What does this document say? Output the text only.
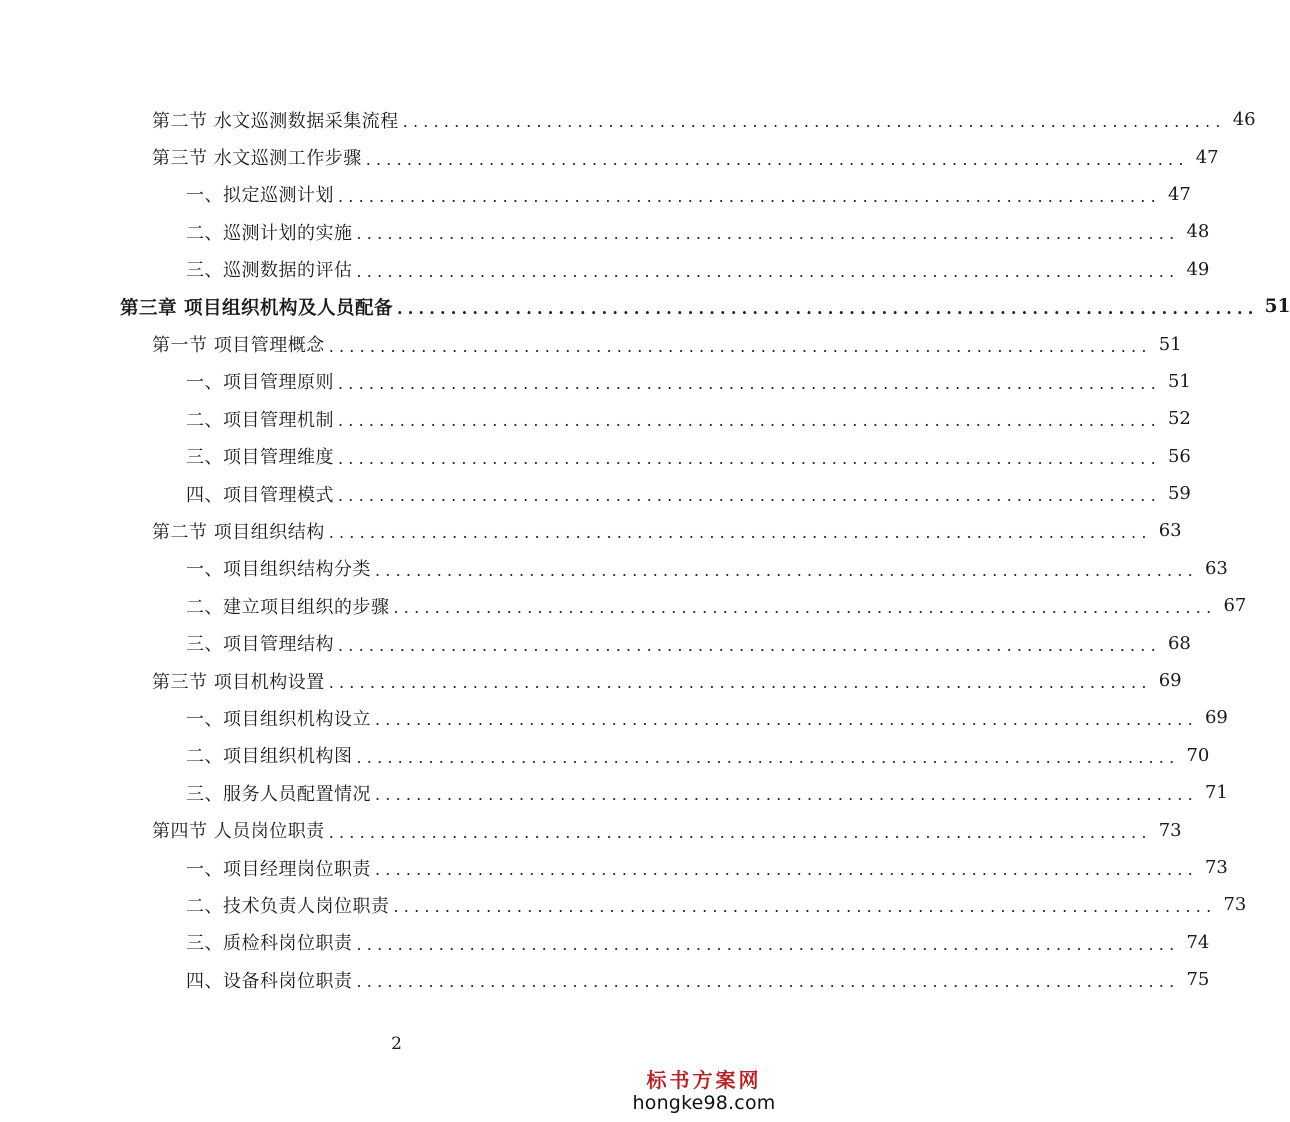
第二节 水文巡测数据采集流程 ................................................................................ 46
第三节 水文巡测工作步骤 ................................................................................ 47
一、拟定巡测计划 ................................................................................ 47
二、巡测计划的实施 ................................................................................ 48
三、巡测数据的评估 ................................................................................ 49
第三章 项目组织机构及人员配备 ................................................................................ 51
第一节 项目管理概念 ................................................................................ 51
一、项目管理原则 ................................................................................ 51
二、项目管理机制 ................................................................................ 52
三、项目管理维度 ................................................................................ 56
四、项目管理模式 ................................................................................ 59
第二节 项目组织结构 ................................................................................ 63
一、项目组织结构分类 ................................................................................ 63
二、建立项目组织的步骤 ................................................................................ 67
三、项目管理结构 ................................................................................ 68
第三节 项目机构设置 ................................................................................ 69
一、项目组织机构设立 ................................................................................ 69
二、项目组织机构图 ................................................................................ 70
三、服务人员配置情况 ................................................................................ 71
第四节 人员岗位职责 ................................................................................ 73
一、项目经理岗位职责 ................................................................................ 73
二、技术负责人岗位职责 ................................................................................ 73
三、质检科岗位职责 ................................................................................ 74
四、设备科岗位职责 ................................................................................ 75
2
标书方案网
hongke98.com
